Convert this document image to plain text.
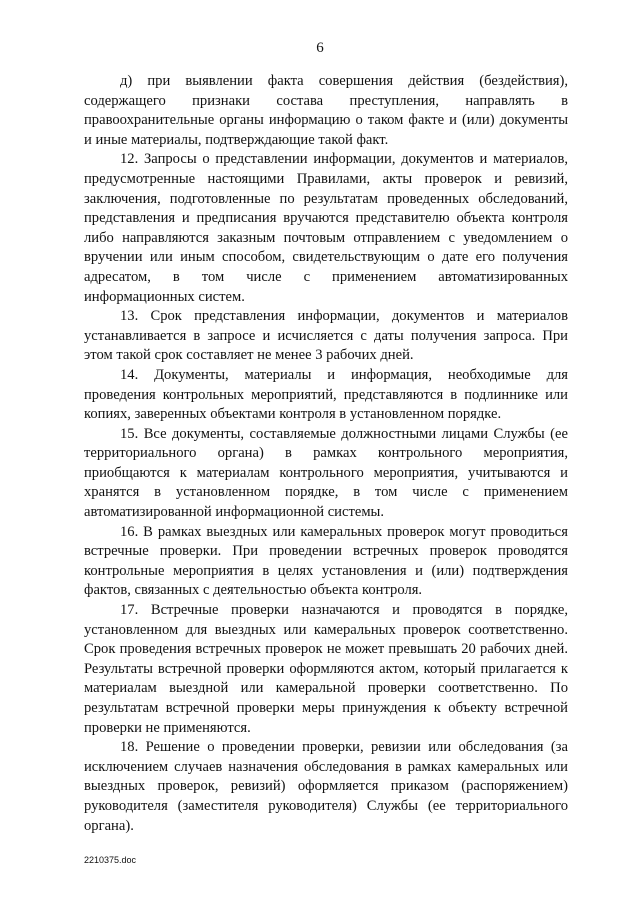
6

д) при выявлении факта совершения действия (бездействия), содержащего признаки состава преступления, направлять в правоохранительные органы информацию о таком факте и (или) документы и иные материалы, подтверждающие такой факт.

12. Запросы о представлении информации, документов и материалов, предусмотренные настоящими Правилами, акты проверок и ревизий, заключения, подготовленные по результатам проведенных обследований, представления и предписания вручаются представителю объекта контроля либо направляются заказным почтовым отправлением с уведомлением о вручении или иным способом, свидетельствующим о дате его получения адресатом, в том числе с применением автоматизированных информационных систем.

13. Срок представления информации, документов и материалов устанавливается в запросе и исчисляется с даты получения запроса. При этом такой срок составляет не менее 3 рабочих дней.

14. Документы, материалы и информация, необходимые для проведения контрольных мероприятий, представляются в подлиннике или копиях, заверенных объектами контроля в установленном порядке.

15. Все документы, составляемые должностными лицами Службы (ее территориального органа) в рамках контрольного мероприятия, приобщаются к материалам контрольного мероприятия, учитываются и хранятся в установленном порядке, в том числе с применением автоматизированной информационной системы.

16. В рамках выездных или камеральных проверок могут проводиться встречные проверки. При проведении встречных проверок проводятся контрольные мероприятия в целях установления и (или) подтверждения фактов, связанных с деятельностью объекта контроля.

17. Встречные проверки назначаются и проводятся в порядке, установленном для выездных или камеральных проверок соответственно. Срок проведения встречных проверок не может превышать 20 рабочих дней. Результаты встречной проверки оформляются актом, который прилагается к материалам выездной или камеральной проверки соответственно. По результатам встречной проверки меры принуждения к объекту встречной проверки не применяются.

18. Решение о проведении проверки, ревизии или обследования (за исключением случаев назначения обследования в рамках камеральных или выездных проверок, ревизий) оформляется приказом (распоряжением) руководителя (заместителя руководителя) Службы (ее территориального органа).

2210375.doc
